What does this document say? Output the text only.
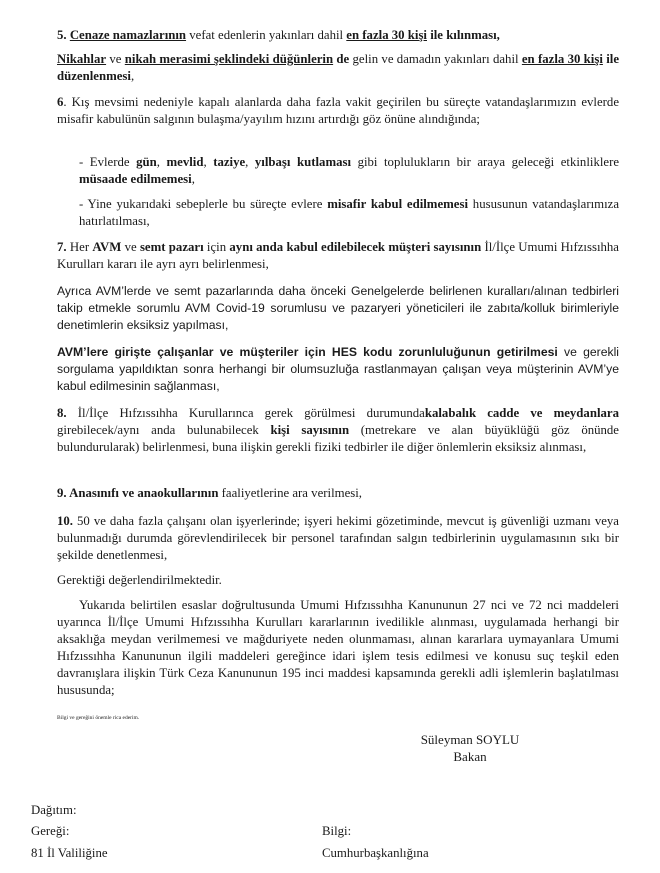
5. Cenaze namazlarının vefat edenlerin yakınları dahil en fazla 30 kişi ile kılınması,

Nikahlar ve nikah merasimi şeklindeki düğünlerin de gelin ve damadın yakınları dahil en fazla 30 kişi ile düzenlenmesi,

6. Kış mevsimi nedeniyle kapalı alanlarda daha fazla vakit geçirilen bu süreçte vatandaşlarımızın evlerde misafir kabulünün salgının bulaşma/yayılım hızını artırdığı göz önüne alındığında;

- Evlerde gün, mevlid, taziye, yılbaşı kutlaması gibi toplulukların bir araya geleceği etkinliklere müsaade edilmemesi,

- Yine yukarıdaki sebeplerle bu süreçte evlere misafir kabul edilmemesi hususunun vatandaşlarımıza hatırlatılması,

7. Her AVM ve semt pazarı için aynı anda kabul edilebilecek müşteri sayısının İl/İlçe Umumi Hıfzıssıhha Kurulları kararı ile ayrı ayrı belirlenmesi,

Ayrıca AVM’lerde ve semt pazarlarında daha önceki Genelgelerde belirlenen kuralları/alınan tedbirleri takip etmekle sorumlu AVM Covid-19 sorumlusu ve pazaryeri yöneticileri ile zabıta/kolluk birimleriyle denetimlerin eksiksiz yapılması,

AVM’lere girişte çalışanlar ve müşteriler için HES kodu zorunluluğunun getirilmesi ve gerekli sorgulama yapıldıktan sonra herhangi bir olumsuzluğa rastlanmayan çalışan veya müşterinin AVM’ye kabul edilmesinin sağlanması,

8. İl/İlçe Hıfzıssıhha Kurullarınca gerek görülmesi durumundakalabalık cadde ve meydanlara girebilecek/aynı anda bulunabilecek kişi sayısının (metrekare ve alan büyüklüğü göz önünde bulundurularak) belirlenmesi, buna ilişkin gerekli fiziki tedbirler ile diğer önlemlerin eksiksiz alınması,

9. Anasınıfı ve anaokullarının faaliyetlerine ara verilmesi,

10. 50 ve daha fazla çalışanı olan işyerlerinde; işyeri hekimi gözetiminde, mevcut iş güvenliği uzmanı veya bulunmadığı durumda görevlendirilecek bir personel tarafından salgın tedbirlerinin uygulamasının sıkı bir şekilde denetlenmesi,

Gerektiği değerlendirilmektedir.

Yukarıda belirtilen esaslar doğrultusunda Umumi Hıfzıssıhha Kanununun 27 nci ve 72 nci maddeleri uyarınca İl/İlçe Umumi Hıfzıssıhha Kurulları kararlarının ivedilikle alınması, uygulamada herhangi bir aksaklığa meydan verilmemesi ve mağduriyete neden olunmaması, alınan kararlara uymayanlara Umumi Hıfzıssıhha Kanununun ilgili maddeleri gereğince idari işlem tesis edilmesi ve konusu suç teşkil eden davranışlara ilişkin Türk Ceza Kanununun 195 inci maddesi kapsamında gerekli adli işlemlerin başlatılması hususunda;

Bilgi ve gereğini önemle rica ederim.
Süleyman SOYLU
Bakan
Dağıtım:
Gereği:
81 İl Valiliğine
Bilgi:
Cumhurbaşkanlığına
